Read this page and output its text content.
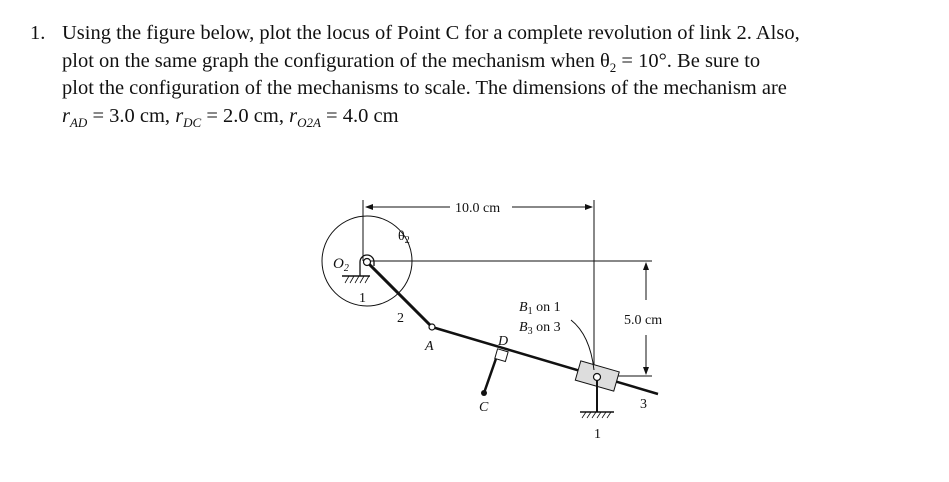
1. Using the figure below, plot the locus of Point C for a complete revolution of link 2. Also,
plot on the same graph the configuration of the mechanism when $\theta_2 = 10^\circ$. Be sure to
plot the configuration of the mechanisms to scale. The dimensions of the mechanism are
$r_{AD} = 3.0$ cm, $r_{DC} = 2.0$ cm, $r_{O2A} = 4.0$ cm
10.0 cm
5.0 cm
$O_2$
$\theta_2$
1
2
A	D
C
$B_1$ on 1
$B_3$ on 3
3
1
